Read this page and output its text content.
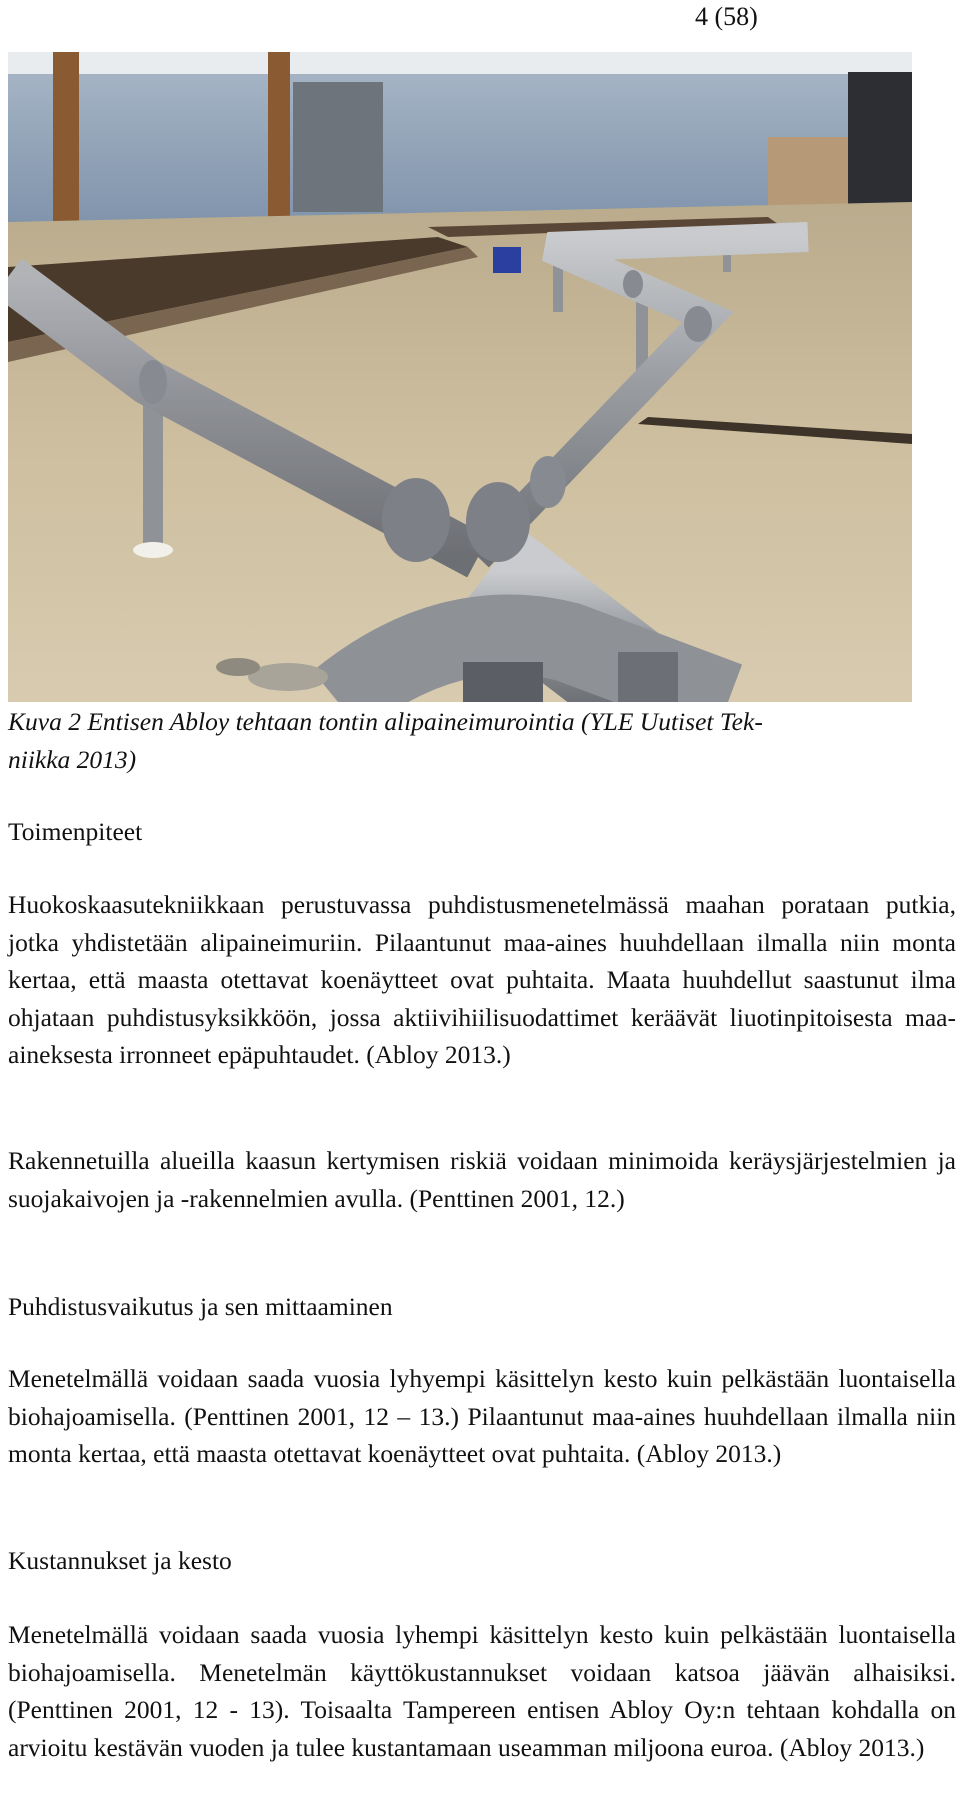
4 (58)
Kuva 2 Entisen Abloy tehtaan tontin alipaineimurointia (YLE Uutiset Tek-
niikka 2013)
Toimenpiteet
Huokoskaasutekniikkaan perustuvassa puhdistusmenetelmässä maahan porataan putkia, jotka yhdistetään alipaineimuriin. Pilaantunut maa-aines huuhdellaan ilmalla niin monta kertaa, että maasta otettavat koenäytteet ovat puhtaita. Maata huuhdellut saastunut ilma ohjataan puhdistusyksikköön, jossa aktiivihiilisuodattimet keräävät liuotinpitoisesta maaaineksesta irronneet epäpuhtaudet. (Abloy 2013.)
Rakennetuilla alueilla kaasun kertymisen riskiä voidaan minimoida keräysjärjestelmien ja suojakaivojen ja -rakennelmien avulla. (Penttinen 2001, 12.)
Puhdistusvaikutus ja sen mittaaminen
Menetelmällä voidaan saada vuosia lyhyempi käsittelyn kesto kuin pelkästään luontaisella biohajoamisella. (Penttinen 2001, 12 – 13.) Pilaantunut maa-aines huuhdellaan ilmalla niin monta kertaa, että maasta otettavat koenäytteet ovat puhtaita. (Abloy 2013.)
Kustannukset ja kesto
Menetelmällä voidaan saada vuosia lyhempi käsittelyn kesto kuin pelkästään luontaisella biohajoamisella. Menetelmän käyttökustannukset voidaan katsoa jäävän alhaisiksi. (Penttinen 2001, 12 - 13). Toisaalta Tampereen entisen Abloy Oy:n tehtaan kohdalla on arvioitu kestävän vuoden ja tulee kustantamaan useamman miljoona euroa. (Abloy 2013.)
